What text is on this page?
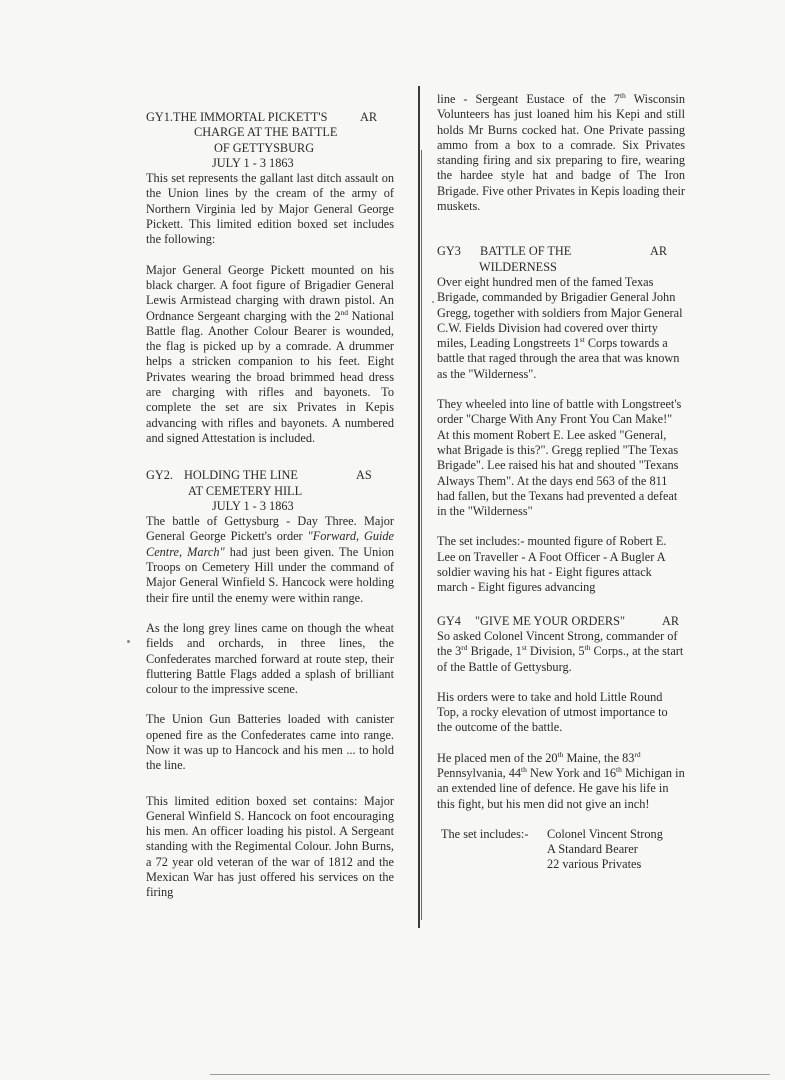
GY1.THE IMMORTAL PICKETT'S	AR

CHARGE AT THE BATTLE

OF GETTYSBURG

JULY 1 - 3 1863

This set represents the gallant last ditch assault on the Union lines by the cream of the army of Northern Virginia led by Major General George Pickett. This limited edition boxed set includes the following:

Major General George Pickett mounted on his black charger. A foot figure of Brigadier General Lewis Armistead charging with drawn pistol. An Ordnance Sergeant charging with the 2nd National Battle flag. Another Colour Bearer is wounded, the flag is picked up by a comrade. A drummer helps a stricken companion to his feet. Eight Privates wearing the broad brimmed head dress are charging with rifles and bayonets. To complete the set are six Privates in Kepis advancing with rifles and bayonets. A numbered and signed Attestation is included.

GY2. HOLDING THE LINE	AS

AT CEMETERY HILL

JULY 1 - 3 1863

The battle of Gettysburg - Day Three. Major General George Pickett's order "Forward, Guide Centre, March" had just been given. The Union Troops on Cemetery Hill under the command of Major General Winfield S. Hancock were holding their fire until the enemy were within range.

As the long grey lines came on though the wheat fields and orchards, in three lines, the Confederates marched forward at route step, their fluttering Battle Flags added a splash of brilliant colour to the impressive scene.

The Union Gun Batteries loaded with canister opened fire as the Confederates came into range. Now it was up to Hancock and his men ... to hold the line.

This limited edition boxed set contains: Major General Winfield S. Hancock on foot encouraging his men. An officer loading his pistol. A Sergeant standing with the Regimental Colour. John Burns, a 72 year old veteran of the war of 1812 and the Mexican War has just offered his services on the firing

line - Sergeant Eustace of the 7th Wisconsin Volunteers has just loaned him his Kepi and still holds Mr Burns cocked hat. One Private passing ammo from a box to a comrade. Six Privates standing firing and six preparing to fire, wearing the hardee style hat and badge of The Iron Brigade. Five other Privates in Kepis loading their muskets.

GY3 BATTLE OF THE	AR

WILDERNESS

Over eight hundred men of the famed Texas Brigade, commanded by Brigadier General John Gregg, together with soldiers from Major General C.W. Fields Division had covered over thirty miles, Leading Longstreets 1st Corps towards a battle that raged through the area that was known as the "Wilderness".

They wheeled into line of battle with Longstreet's order "Charge With Any Front You Can Make!" At this moment Robert E. Lee asked "General, what Brigade is this?". Gregg replied "The Texas Brigade". Lee raised his hat and shouted "Texans Always Them". At the days end 563 of the 811 had fallen, but the Texans had prevented a defeat in the "Wilderness"

The set includes:- mounted figure of Robert E. Lee on Traveller - A Foot Officer - A Bugler A soldier waving his hat - Eight figures attack march - Eight figures advancing

GY4 "GIVE ME YOUR ORDERS"	AR

So asked Colonel Vincent Strong, commander of the 3rd Brigade, 1st Division, 5th Corps., at the start of the Battle of Gettysburg.

His orders were to take and hold Little Round Top, a rocky elevation of utmost importance to the outcome of the battle.

He placed men of the 20th Maine, the 83rd Pennsylvania, 44th New York and 16th Michigan in an extended line of defence. He gave his life in this fight, but his men did not give an inch!

The set includes:- Colonel Vincent Strong

A Standard Bearer

22 various Privates
